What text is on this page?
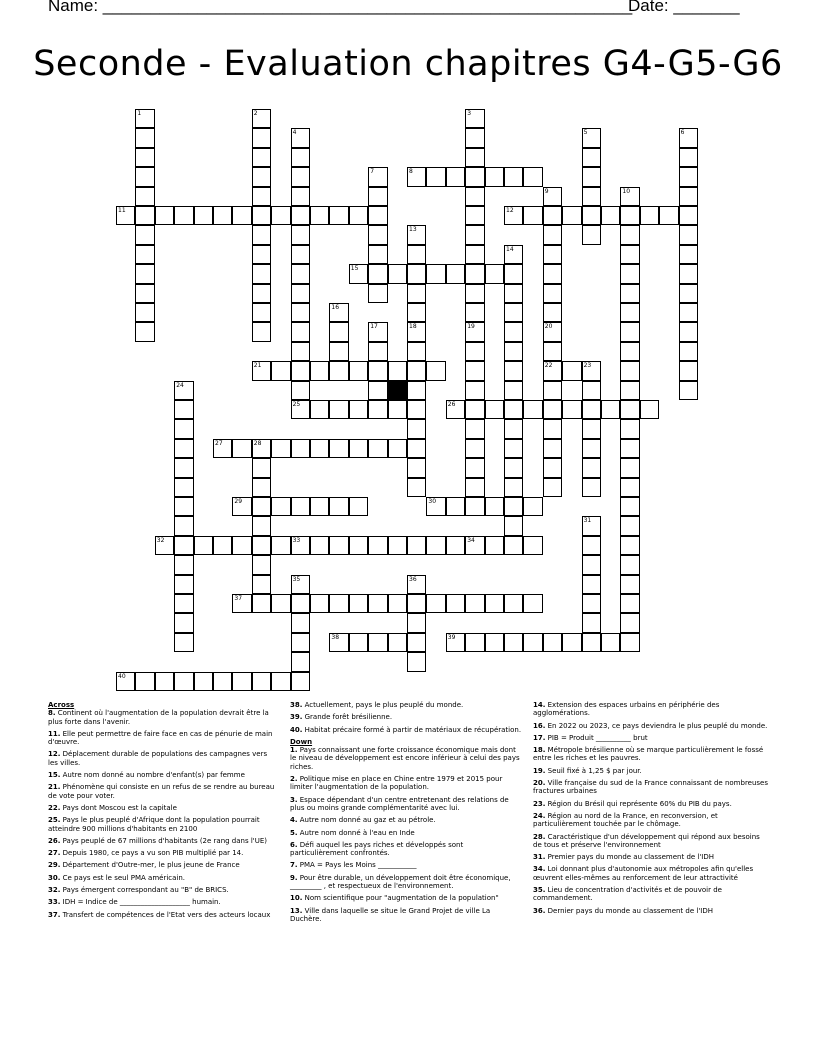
Name: ________________________________________________________
Date: _______
Seconde - Evaluation chapitres G4-G5-G6
1	2	3
19
4
25
5	6
7	8
9	10
11	12
13
14
15
16
17	18	20
22
21	23
24
26
27	28
29	30
31
32	33	34
35	36
37
38	39
40
Across
8. Continent où l'augmentation de la population devrait être la plus forte dans l'avenir.
11. Elle peut permettre de faire face en cas de pénurie de main d'œuvre.
12. Déplacement durable de populations des campagnes vers les villes.
15. Autre nom donné au nombre d'enfant(s) par femme
21. Phénomène qui consiste en un refus de se rendre au bureau de vote pour voter.
22. Pays dont Moscou est la capitale
25. Pays le plus peuplé d'Afrique dont la population pourrait atteindre 900 millions d'habitants en 2100
26. Pays peuplé de 67 millions d'habitants (2e rang dans l'UE)
27. Depuis 1980, ce pays a vu son PIB multiplié par 14.
29. Département d'Outre-mer, le plus jeune de France
30. Ce pays est le seul PMA américain.
32. Pays émergent correspondant au "B" de BRICS.
33. IDH = Indice de ____________________ humain.
37. Transfert de compétences de l'Etat vers des acteurs locaux
38. Actuellement, pays le plus peuplé du monde.
39. Grande forêt brésilienne.
40. Habitat précaire formé à partir de matériaux de récupération.
Down
1. Pays connaissant une forte croissance économique mais dont le niveau de développement est encore inférieur à celui des pays riches.
2. Politique mise en place en Chine entre 1979 et 2015 pour limiter l'augmentation de la population.
3. Espace dépendant d'un centre entretenant des relations de plus ou moins grande complémentarité avec lui.
4. Autre nom donné au gaz et au pétrole.
5. Autre nom donné à l'eau en Inde
6. Défi auquel les pays riches et développés sont particulièrement confrontés.
7. PMA = Pays les Moins ___________
9. Pour être durable, un développement doit être économique, _________ , et respectueux de l'environnement.
10. Nom scientifique pour "augmentation de la population"
13. Ville dans laquelle se situe le Grand Projet de ville La Duchère.
14. Extension des espaces urbains en périphérie des agglomérations.
16. En 2022 ou 2023, ce pays deviendra le plus peuplé du monde.
17. PIB = Produit __________ brut
18. Métropole brésilienne où se marque particulièrement le fossé entre les riches et les pauvres.
19. Seuil fixé à 1,25 $ par jour.
20. Ville française du sud de la France connaissant de nombreuses fractures urbaines
23. Région du Brésil qui représente 60% du PIB du pays.
24. Région au nord de la France, en reconversion, et particulièrement touchée par le chômage.
28. Caractéristique d'un développement qui répond aux besoins de tous et préserve l'environnement
31. Premier pays du monde au classement de l'IDH
34. Loi donnant plus d'autonomie aux métropoles afin qu'elles œuvrent elles-mêmes au renforcement de leur attractivité
35. Lieu de concentration d'activités et de pouvoir de commandement.
36. Dernier pays du monde au classement de l'IDH
